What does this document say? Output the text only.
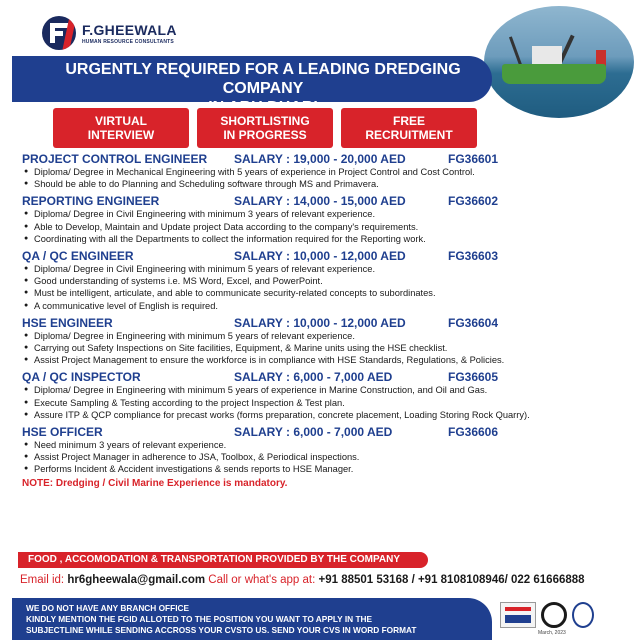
F.GHEEWALA
HUMAN RESOURCE CONSULTANTS
URGENTLY REQUIRED FOR A LEADING DREDGING COMPANY
VIRTUAL
INTERVIEW
SHORTLISTING
IN PROGRESS
FREE
RECRUITMENT
PROJECT CONTROL ENGINEER	SALARY : 19,000 - 20,000 AED	FG36601
● Diploma/ Degree in Mechanical Engineering with 5 years of experience in Project Control and Cost Control.
● Should be able to do Planning and Scheduling software through MS and Primavera.
REPORTING ENGINEER	SALARY : 14,000 - 15,000 AED	FG36602
● Diploma/ Degree in Civil Engineering with minimum 3 years of relevant experience.
● Able to Develop, Maintain and Update project Data according to the company's requirements.
● Coordinating with all the Departments to collect the information required for the Reporting work.
QA / QC ENGINEER	SALARY : 10,000 - 12,000 AED	FG36603
● Diploma/ Degree in Civil Engineering with minimum 5 years of relevant experience.
● Good understanding of systems i.e. MS Word, Excel, and PowerPoint.
● Must be intelligent, articulate, and able to communicate security-related concepts to subordinates.
● A communicative level of English is required.
HSE ENGINEER	SALARY : 10,000 - 12,000 AED	FG36604
● Diploma/ Degree in Engineering with minimum 5 years of relevant experience.
● Carrying out Safety Inspections on Site facilities, Equipment, & Marine units using the HSE checklist.
● Assist Project Management to ensure the workforce is in compliance with HSE Standards, Regulations, & Policies.
QA / QC INSPECTOR	SALARY : 6,000 - 7,000 AED	FG36605
● Diploma/ Degree in Engineering with minimum 5 years of experience in Marine Construction, and Oil and Gas.
● Execute Sampling & Testing according to the project Inspection & Test plan.
● Assure ITP & QCP compliance for precast works (forms preparation, concrete placement, Loading Storing Rock Quarry).
HSE OFFICER	SALARY : 6,000 - 7,000 AED	FG36606
● Need minimum 3 years of relevant experience.
● Assist Project Manager in adherence to JSA, Toolbox, & Periodical inspections.
● Performs Incident & Accident investigations & sends reports to HSE Manager.
NOTE: Dredging / Civil Marine Experience is mandatory.
FOOD , ACCOMODATION & TRANSPORTATION PROVIDED BY THE COMPANY
Email id: hr6gheewala@gmail.com Call or what's app at: +91 88501 53168 / +91 8108108946/ 022 61666888
WE DO NOT HAVE ANY BRANCH OFFICE
KINDLY MENTION THE FGID ALLOTED TO THE POSITION YOU WANT TO APPLY IN THE
SUBJECTLINE WHILE SENDING ACCROSS YOUR CVSTO US. SEND YOUR CVS IN WORD FORMAT	March, 2023
